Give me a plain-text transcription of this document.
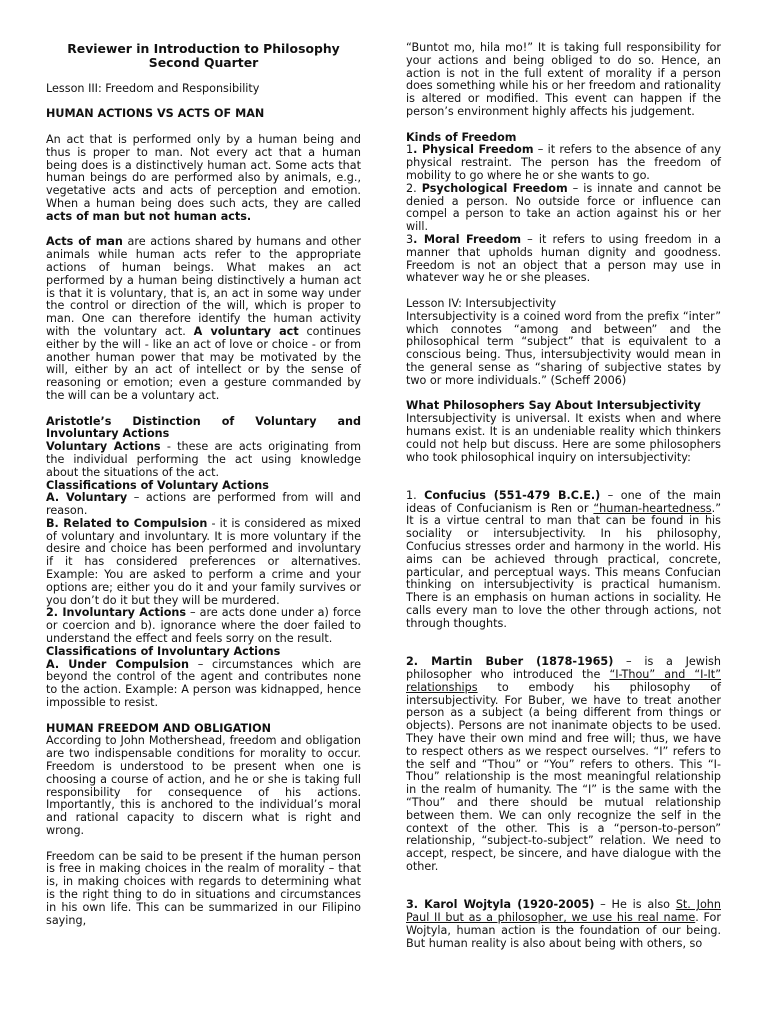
Reviewer in Introduction to Philosophy
Second Quarter

Lesson III: Freedom and Responsibility

HUMAN ACTIONS VS ACTS OF MAN

An act that is performed only by a human being and thus is proper to man. Not every act that a human being does is a distinctively human act. Some acts that human beings do are performed also by animals, e.g., vegetative acts and acts of perception and emotion. When a human being does such acts, they are called acts of man but not human acts.

Acts of man are actions shared by humans and other animals while human acts refer to the appropriate actions of human beings. What makes an act performed by a human being distinctively a human act is that it is voluntary, that is, an act in some way under the control or direction of the will, which is proper to man. One can therefore identify the human activity with the voluntary act. A voluntary act continues either by the will - like an act of love or choice - or from another human power that may be motivated by the will, either by an act of intellect or by the sense of reasoning or emotion; even a gesture commanded by the will can be a voluntary act.

Aristotle’s Distinction of Voluntary and Involuntary Actions

Voluntary Actions - these are acts originating from the individual performing the act using knowledge about the situations of the act.

Classifications of Voluntary Actions

A. Voluntary – actions are performed from will and reason.

B. Related to Compulsion - it is considered as mixed of voluntary and involuntary. It is more voluntary if the desire and choice has been performed and involuntary if it has considered preferences or alternatives. Example: You are asked to perform a crime and your options are; either you do it and your family survives or you don’t do it but they will be murdered.

2. Involuntary Actions – are acts done under a) force or coercion and b). ignorance where the doer failed to understand the effect and feels sorry on the result.

Classifications of Involuntary Actions

A. Under Compulsion – circumstances which are beyond the control of the agent and contributes none to the action. Example: A person was kidnapped, hence impossible to resist.

HUMAN FREEDOM AND OBLIGATION

According to John Mothershead, freedom and obligation are two indispensable conditions for morality to occur. Freedom is understood to be present when one is choosing a course of action, and he or she is taking full responsibility for consequence of his actions. Importantly, this is anchored to the individual’s moral and rational capacity to discern what is right and wrong.

Freedom can be said to be present if the human person is free in making choices in the realm of morality – that is, in making choices with regards to determining what is the right thing to do in situations and circumstances in his own life. This can be summarized in our Filipino saying,

“Buntot mo, hila mo!” It is taking full responsibility for your actions and being obliged to do so. Hence, an action is not in the full extent of morality if a person does something while his or her freedom and rationality is altered or modified. This event can happen if the person’s environment highly affects his judgement.

Kinds of Freedom

1. Physical Freedom – it refers to the absence of any physical restraint. The person has the freedom of mobility to go where he or she wants to go.

2. Psychological Freedom – is innate and cannot be denied a person. No outside force or influence can compel a person to take an action against his or her will.

3. Moral Freedom – it refers to using freedom in a manner that upholds human dignity and goodness. Freedom is not an object that a person may use in whatever way he or she pleases.

Lesson IV: Intersubjectivity

Intersubjectivity is a coined word from the prefix “inter” which connotes “among and between” and the philosophical term “subject” that is equivalent to a conscious being. Thus, intersubjectivity would mean in the general sense as “sharing of subjective states by two or more individuals.” (Scheff 2006)

What Philosophers Say About Intersubjectivity

Intersubjectivity is universal. It exists when and where humans exist. It is an undeniable reality which thinkers could not help but discuss. Here are some philosophers who took philosophical inquiry on intersubjectivity:

1. Confucius (551-479 B.C.E.) – one of the main ideas of Confucianism is Ren or “human-heartedness.” It is a virtue central to man that can be found in his sociality or intersubjectivity. In his philosophy, Confucius stresses order and harmony in the world. His aims can be achieved through practical, concrete, particular, and perceptual ways. This means Confucian thinking on intersubjectivity is practical humanism. There is an emphasis on human actions in sociality. He calls every man to love the other through actions, not through thoughts.

2. Martin Buber (1878-1965) – is a Jewish philosopher who introduced the “I-Thou” and “I-It” relationships to embody his philosophy of intersubjectivity. For Buber, we have to treat another person as a subject (a being different from things or objects). Persons are not inanimate objects to be used. They have their own mind and free will; thus, we have to respect others as we respect ourselves. “I” refers to the self and “Thou” or “You” refers to others. This “I-Thou” relationship is the most meaningful relationship in the realm of humanity. The “I” is the same with the “Thou” and there should be mutual relationship between them. We can only recognize the self in the context of the other. This is a “person-to-person” relationship, “subject-to-subject” relation. We need to accept, respect, be sincere, and have dialogue with the other.

3. Karol Wojtyla (1920-2005) – He is also St. John Paul II but as a philosopher, we use his real name. For Wojtyla, human action is the foundation of our being. But human reality is also about being with others, so
